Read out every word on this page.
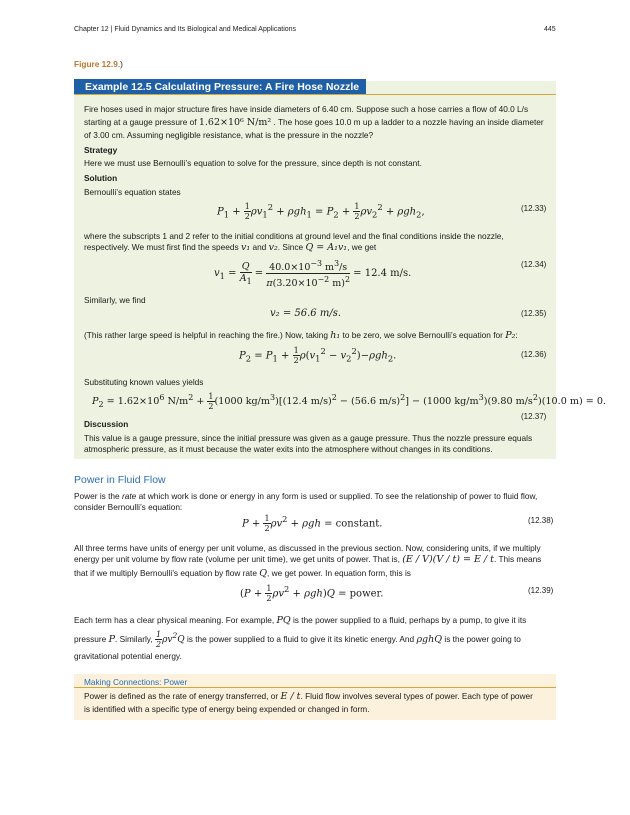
Chapter 12 | Fluid Dynamics and Its Biological and Medical Applications	445
Figure 12.9.)
Example 12.5 Calculating Pressure: A Fire Hose Nozzle
Fire hoses used in major structure fires have inside diameters of 6.40 cm. Suppose such a hose carries a flow of 40.0 L/s
starting at a gauge pressure of 1.62×10⁶ N/m² . The hose goes 10.0 m up a ladder to a nozzle having an inside diameter
of 3.00 cm. Assuming negligible resistance, what is the pressure in the nozzle?
Strategy
Here we must use Bernoulli’s equation to solve for the pressure, since depth is not constant.
Solution
Bernoulli’s equation states
$P_1 + \frac{1}{2} \rho v_1^2 + \rho gh_1 = P_2 + \frac{1}{2} \rho v_2^2 + \rho gh_2$,	(12.33)
where the subscripts 1 and 2 refer to the initial conditions at ground level and the final conditions inside the nozzle,
respectively. We must first find the speeds v₁ and v₂. Since Q = A₁v₁, we get
$v_1 = \frac{Q}{A_1} = \frac{40.0\times 10^{-3} m^3/s}{\pi(3.20\times 10^{-2} m)^2} = 12.4$ m/s.
(12.34)
Similarly, we find
v₂ = 56.6 m/s.	(12.35)
(This rather large speed is helpful in reaching the fire.) Now, taking h₁ to be zero, we solve Bernoulli’s equation for P₂:
$P_2 = P_1 + \frac{1}{2} \rho(v_1^2 - v_2^2)-\rho gh_2$.	(12.36)
Substituting known values yields
$P_2 = 1.62\times 10^6$ $N/m^2 + \frac{1}{2} (1000$ $kg/m^3)[(12.4$ m/s)$^2$ − (56.6 m/s)$^2$] − (1000 $kg/m^3)(9.80$ $m/s^2)(10.0$ m) = 0.
(12.37)
Discussion
This value is a gauge pressure, since the initial pressure was given as a gauge pressure. Thus the nozzle pressure equals
atmospheric pressure, as it must because the water exits into the atmosphere without changes in its conditions.
Power in Fluid Flow
Power is the rate at which work is done or energy in any form is used or supplied. To see the relationship of power to fluid flow,
consider Bernoulli’s equation:
$P + \frac{1}{2} \rho v^2 + \rho gh$ = constant.	(12.38)
All three terms have units of energy per unit volume, as discussed in the previous section. Now, considering units, if we multiply
energy per unit volume by flow rate (volume per unit time), we get units of power. That is, (E / V)(V / t) = E / t. This means
that if we multiply Bernoulli’s equation by flow rate Q, we get power. In equation form, this is
$(P + \frac{1}{2} \rho v^2 + \rho gh)Q$ = power.	(12.39)
Each term has a clear physical meaning. For example, PQ is the power supplied to a fluid, perhaps by a pump, to give it its
pressure P. Similarly, $\frac{1}{2} \rho v^2Q$ is the power supplied to a fluid to give it its kinetic energy. And ρghQ is the power going to
gravitational potential energy.
Making Connections: Power
Power is defined as the rate of energy transferred, or E / t. Fluid flow involves several types of power. Each type of power
is identified with a specific type of energy being expended or changed in form.
